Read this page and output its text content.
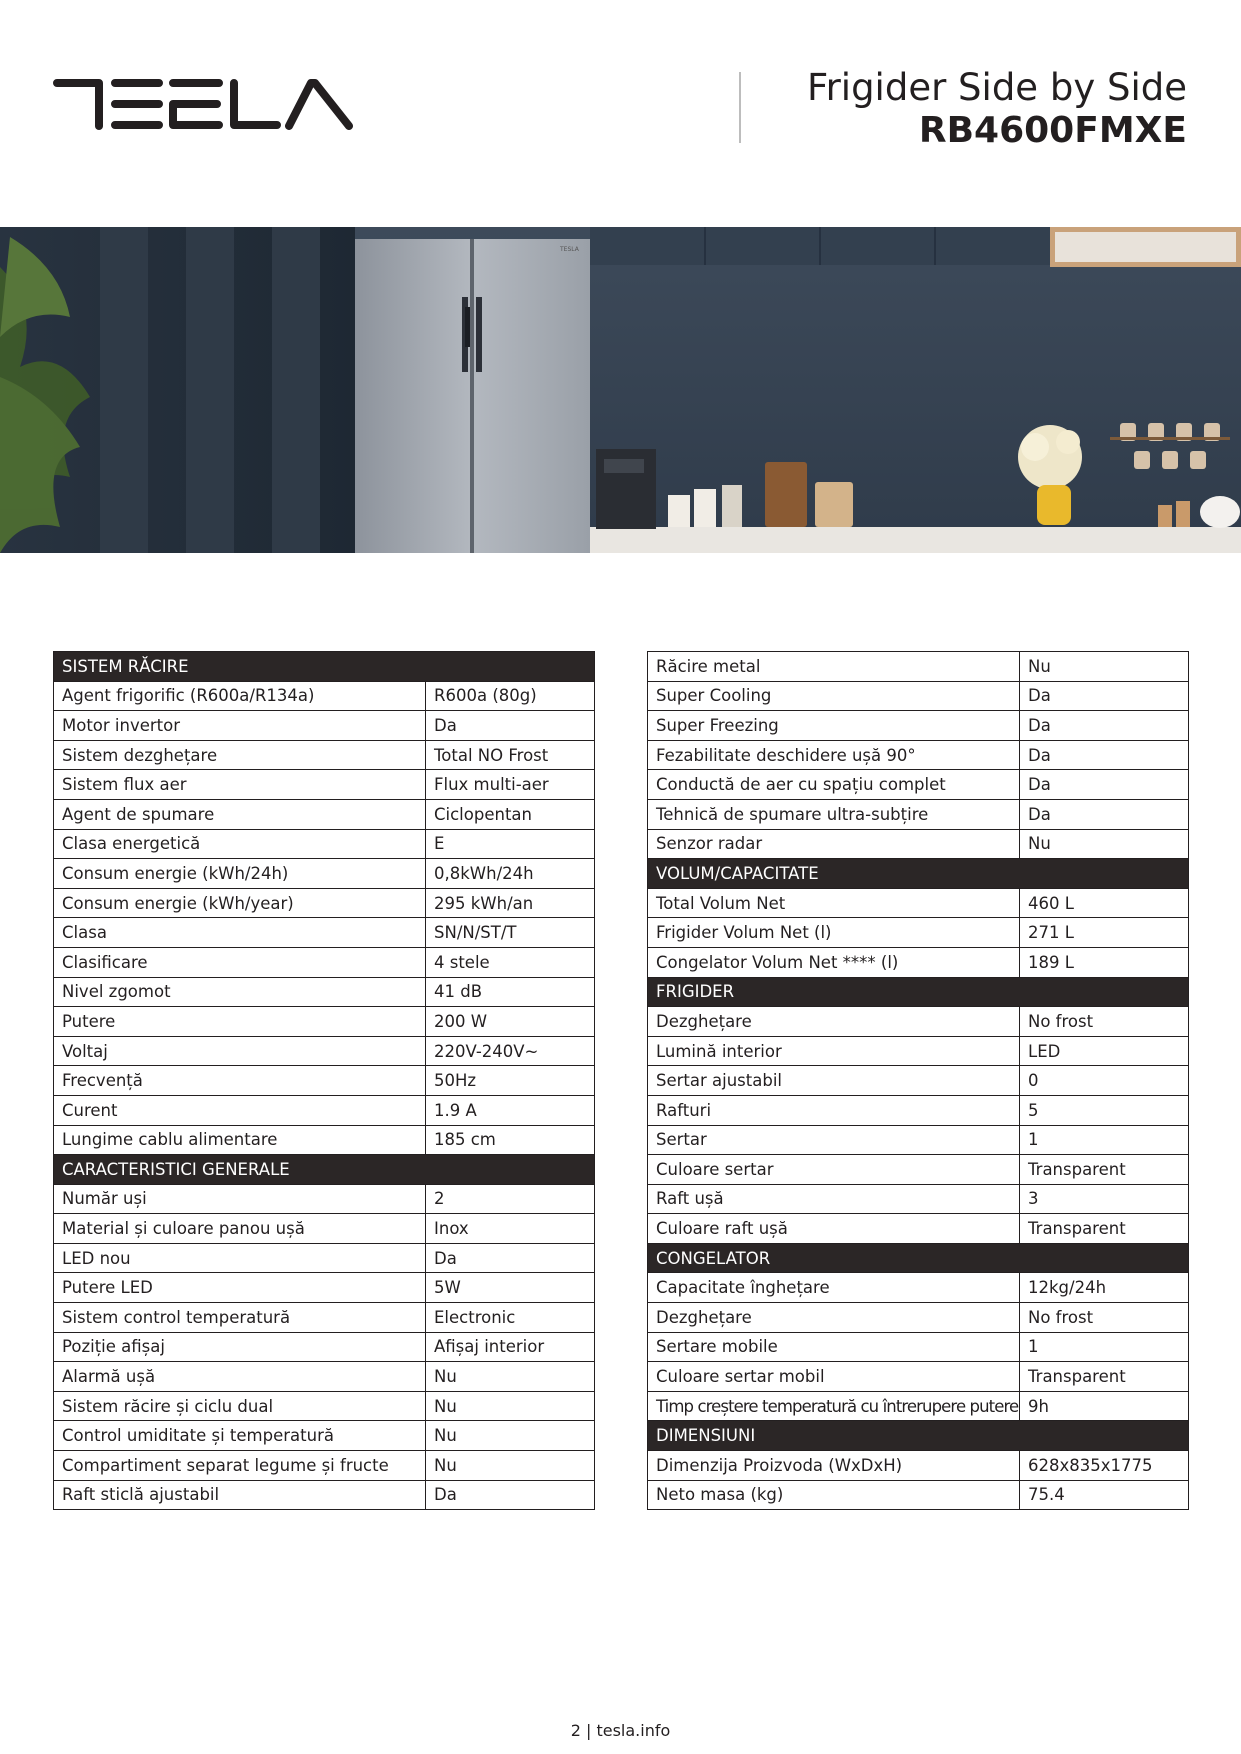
Frigider Side by Side
RB4600FMXE
TESLA
SISTEM RĂCIRE	
Agent frigorific (R600a/R134a)	R600a (80g)
Motor invertor	Da
Sistem dezghețare	Total NO Frost
Sistem flux aer	Flux multi-aer
Agent de spumare	Ciclopentan
Clasa energetică	E
Consum energie (kWh/24h)	0,8kWh/24h
Consum energie (kWh/year)	295 kWh/an
Clasa	SN/N/ST/T
Clasificare	4 stele
Nivel zgomot	41 dB
Putere	200 W
Voltaj	220V-240V~
Frecvență	50Hz
Curent	1.9 A
Lungime cablu alimentare	185 cm
CARACTERISTICI GENERALE	
Număr uși	2
Material și culoare panou ușă	Inox
LED nou	Da
Putere LED	5W
Sistem control temperatură	Electronic
Poziție afișaj	Afișaj interior
Alarmă ușă	Nu
Sistem răcire și ciclu dual	Nu
Control umiditate și temperatură	Nu
Compartiment separat legume și fructe	Nu
Raft sticlă ajustabil	Da
Răcire metal	Nu
Super Cooling	Da
Super Freezing	Da
Fezabilitate deschidere ușă 90°	Da
Conductă de aer cu spațiu complet	Da
Tehnică de spumare ultra-subțire	Da
Senzor radar	Nu
VOLUM/CAPACITATE	
Total Volum Net	460 L
Frigider Volum Net (l)	271 L
Congelator Volum Net **** (l)	189 L
FRIGIDER	
Dezghețare	No frost
Lumină interior	LED
Sertar ajustabil	0
Rafturi	5
Sertar	1
Culoare sertar	Transparent
Raft ușă	3
Culoare raft ușă	Transparent
CONGELATOR	
Capacitate înghețare	12kg/24h
Dezghețare	No frost
Sertare mobile	1
Culoare sertar mobil	Transparent
Timp creștere temperatură cu întrerupere putere	9h
DIMENSIUNI	
Dimenzija Proizvoda (WxDxH)	628x835x1775
Neto masa (kg)	75.4
2 | tesla.info
